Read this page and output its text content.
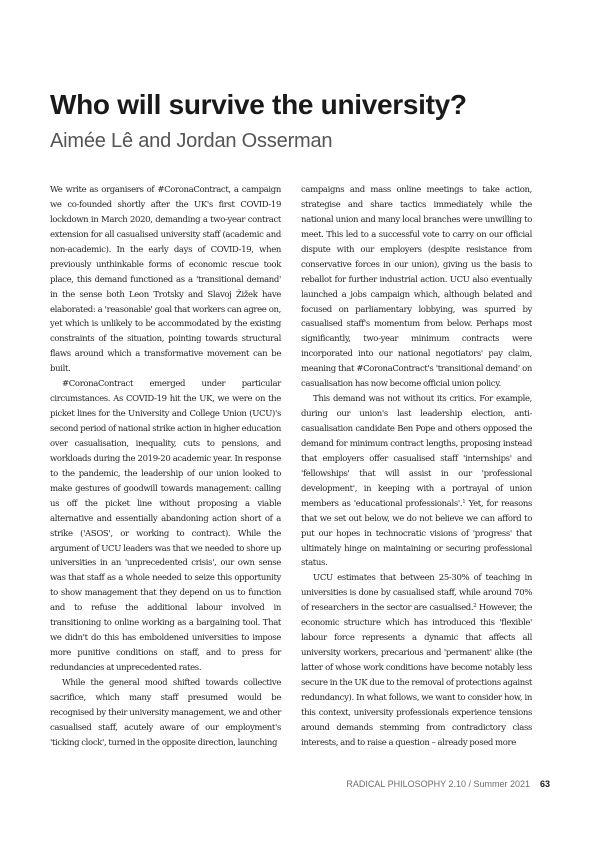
Who will survive the university?
Aimée Lê and Jordan Osserman

We write as organisers of #CoronaContract, a campaign we co-founded shortly after the UK's first COVID-19 lockdown in March 2020, demanding a two-year contract extension for all casualised university staff (academic and non-academic). In the early days of COVID-19, when previously unthinkable forms of economic rescue took place, this demand functioned as a 'transitional demand' in the sense both Leon Trotsky and Slavoj Žižek have elaborated: a 'reasonable' goal that workers can agree on, yet which is unlikely to be accommodated by the existing constraints of the situation, pointing towards structural flaws around which a transformative movement can be built.

#CoronaContract emerged under particular circumstances. As COVID-19 hit the UK, we were on the picket lines for the University and College Union (UCU)'s second period of national strike action in higher education over casualisation, inequality, cuts to pensions, and workloads during the 2019-20 academic year. In response to the pandemic, the leadership of our union looked to make gestures of goodwill towards management: calling us off the picket line without proposing a viable alternative and essentially abandoning action short of a strike ('ASOS', or working to contract). While the argument of UCU leaders was that we needed to shore up universities in an 'unprecedented crisis', our own sense was that staff as a whole needed to seize this opportunity to show management that they depend on us to function and to refuse the additional labour involved in transitioning to online working as a bargaining tool. That we didn't do this has emboldened universities to impose more punitive conditions on staff, and to press for redundancies at unprecedented rates.

While the general mood shifted towards collective sacrifice, which many staff presumed would be recognised by their university management, we and other casualised staff, acutely aware of our employment's 'ticking clock', turned in the opposite direction, launching

campaigns and mass online meetings to take action, strategise and share tactics immediately while the national union and many local branches were unwilling to meet. This led to a successful vote to carry on our official dispute with our employers (despite resistance from conservative forces in our union), giving us the basis to reballot for further industrial action. UCU also eventually launched a jobs campaign which, although belated and focused on parliamentary lobbying, was spurred by casualised staff's momentum from below. Perhaps most significantly, two-year minimum contracts were incorporated into our national negotiators' pay claim, meaning that #CoronaContract's 'transitional demand' on casualisation has now become official union policy.

This demand was not without its critics. For example, during our union's last leadership election, anti-casualisation candidate Ben Pope and others opposed the demand for minimum contract lengths, proposing instead that employers offer casualised staff 'internships' and 'fellowships' that will assist in our 'professional development', in keeping with a portrayal of union members as 'educational professionals'.$^1$ Yet, for reasons that we set out below, we do not believe we can afford to put our hopes in technocratic visions of 'progress' that ultimately hinge on maintaining or securing professional status.

UCU estimates that between 25-30% of teaching in universities is done by casualised staff, while around 70% of researchers in the sector are casualised.$^2$ However, the economic structure which has introduced this 'flexible' labour force represents a dynamic that affects all university workers, precarious and 'permanent' alike (the latter of whose work conditions have become notably less secure in the UK due to the removal of protections against redundancy). In what follows, we want to consider how, in this context, university professionals experience tensions around demands stemming from contradictory class interests, and to raise a question – already posed more

RADICAL PHILOSOPHY 2.10 / Summer 2021 63
